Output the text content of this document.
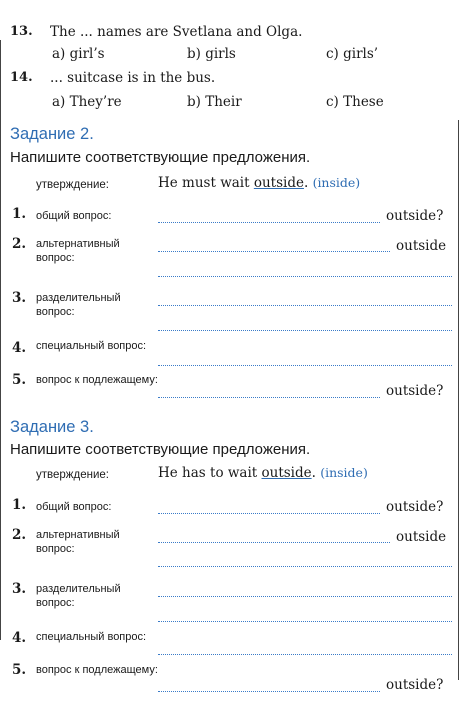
13. The ... names are Svetlana and Olga.
a) girl’s	b) girls	c) girls’
14. ... suitcase is in the bus.
a) They’re	b) Their	c) These
Задание 2.
Напишите соответствующие предложения.
утверждение:	He must wait outside. (inside)
1. общий вопрос:	outside?
2. альтернативный вопрос:
outside
3. разделительный вопрос:
4. специальный вопрос:
5. вопрос к подлежащему:
outside?
Задание 3.
Напишите соответствующие предложения.
утверждение:	He has to wait outside. (inside)
1. общий вопрос:	outside?
2. альтернативный вопрос:
outside
3. разделительный вопрос:
4. специальный вопрос:
5. вопрос к подлежащему:
outside?
